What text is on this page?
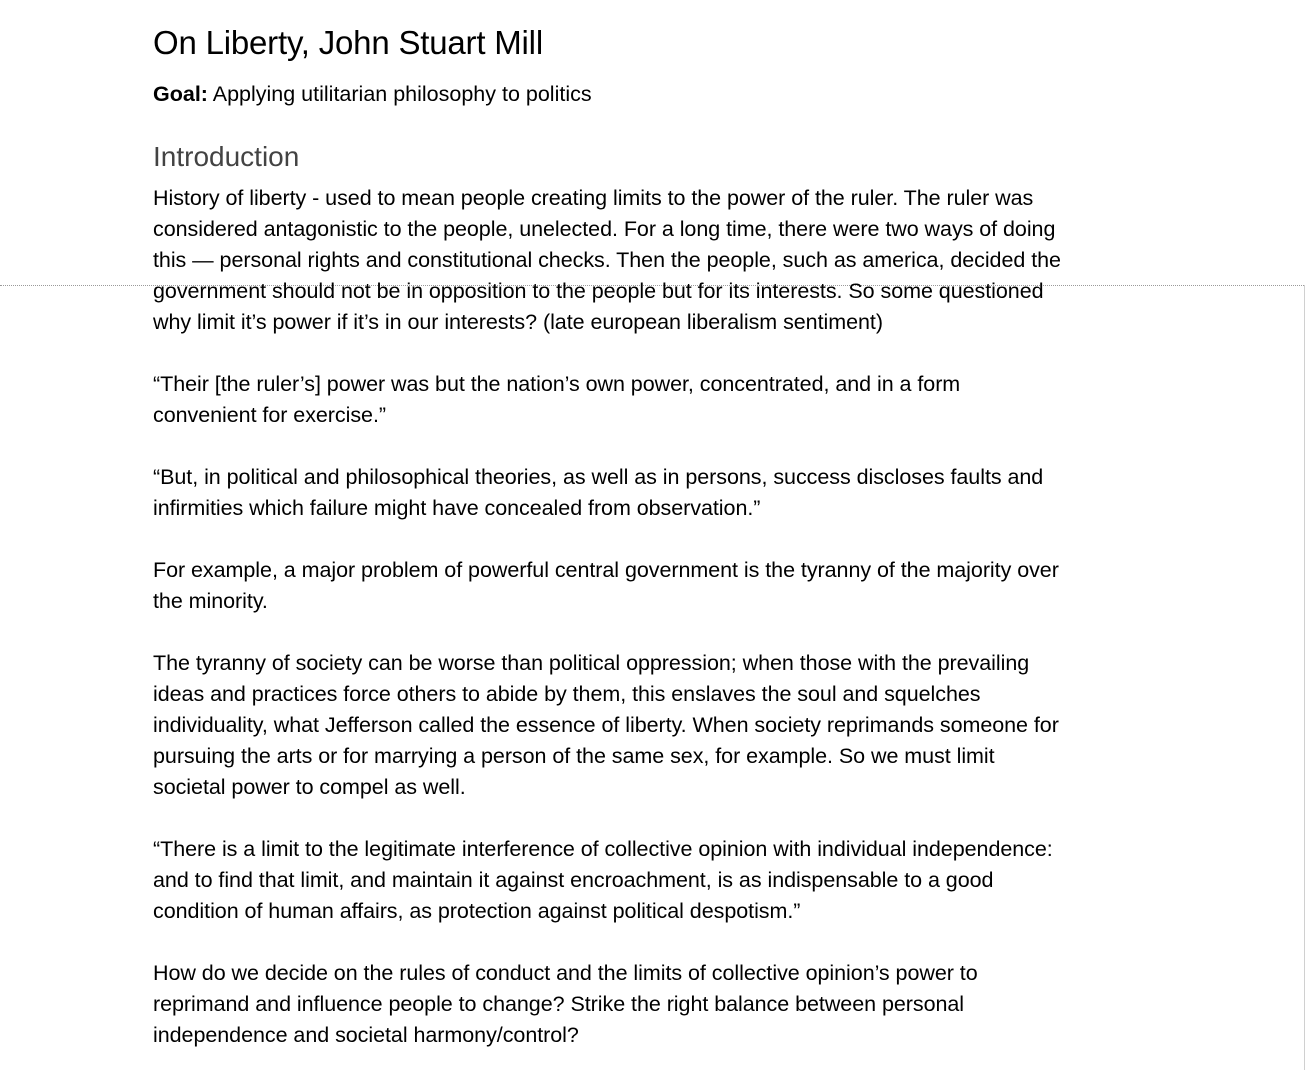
On Liberty, John Stuart Mill
Goal: Applying utilitarian philosophy to politics
Introduction

History of liberty - used to mean people creating limits to the power of the ruler. The ruler was
considered antagonistic to the people, unelected. For a long time, there were two ways of doing
this — personal rights and constitutional checks. Then the people, such as america, decided the
government should not be in opposition to the people but for its interests. So some questioned
why limit it’s power if it’s in our interests? (late european liberalism sentiment)

“Their [the ruler’s] power was but the nation’s own power, concentrated, and in a form
convenient for exercise.”

“But, in political and philosophical theories, as well as in persons, success discloses faults and
infirmities which failure might have concealed from observation.”

For example, a major problem of powerful central government is the tyranny of the majority over
the minority.

The tyranny of society can be worse than political oppression; when those with the prevailing
ideas and practices force others to abide by them, this enslaves the soul and squelches
individuality, what Jefferson called the essence of liberty. When society reprimands someone for
pursuing the arts or for marrying a person of the same sex, for example. So we must limit
societal power to compel as well.

“There is a limit to the legitimate interference of collective opinion with individual independence:
and to find that limit, and maintain it against encroachment, is as indispensable to a good
condition of human affairs, as protection against political despotism.”

How do we decide on the rules of conduct and the limits of collective opinion’s power to
reprimand and influence people to change? Strike the right balance between personal
independence and societal harmony/control?
